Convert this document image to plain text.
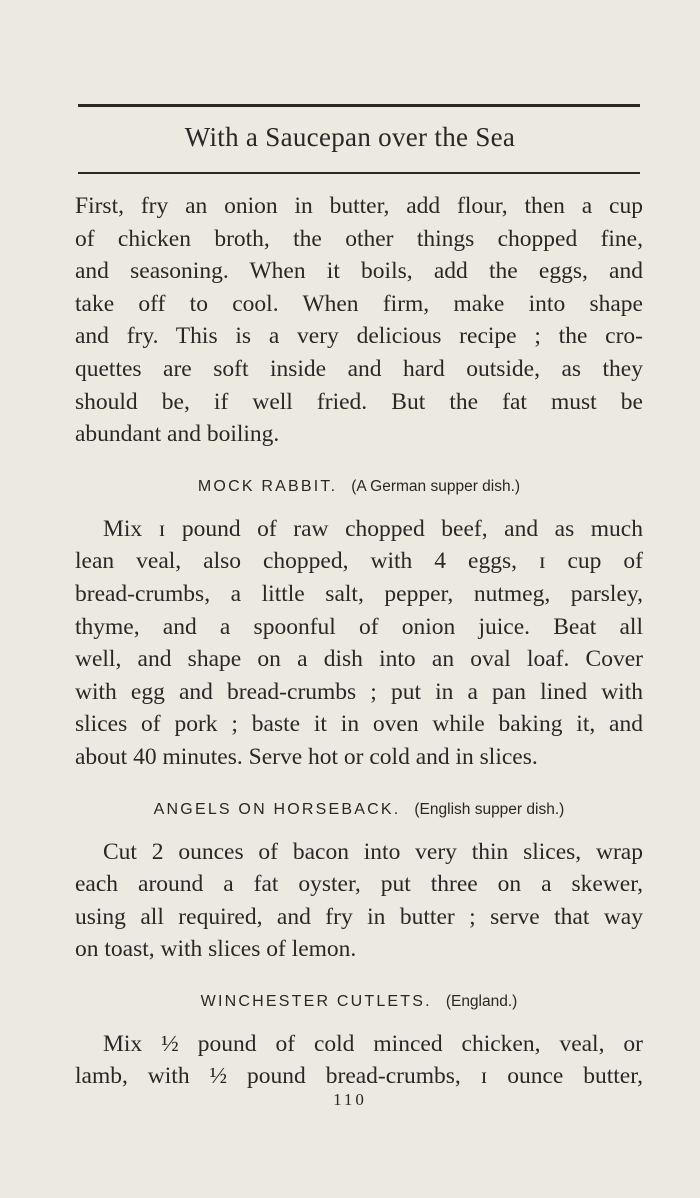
With a Saucepan over the Sea
First, fry an onion in butter, add flour, then a cup
of chicken broth, the other things chopped fine,
and seasoning. When it boils, add the eggs, and
take off to cool. When firm, make into shape
and fry. This is a very delicious recipe ; the cro-
quettes are soft inside and hard outside, as they
should be, if well fried. But the fat must be
abundant and boiling.
MOCK RABBIT. (A German supper dish.)
Mix ɪ pound of raw chopped beef, and as much
lean veal, also chopped, with 4 eggs, ɪ cup of
bread-crumbs, a little salt, pepper, nutmeg, parsley,
thyme, and a spoonful of onion juice. Beat all
well, and shape on a dish into an oval loaf. Cover
with egg and bread-crumbs ; put in a pan lined with
slices of pork ; baste it in oven while baking it, and
about 40 minutes. Serve hot or cold and in slices.
ANGELS ON HORSEBACK. (English supper dish.)
Cut 2 ounces of bacon into very thin slices, wrap
each around a fat oyster, put three on a skewer,
using all required, and fry in butter ; serve that way
on toast, with slices of lemon.
WINCHESTER CUTLETS. (England.)
Mix ½ pound of cold minced chicken, veal, or
lamb, with ½ pound bread-crumbs, ɪ ounce butter,
110
